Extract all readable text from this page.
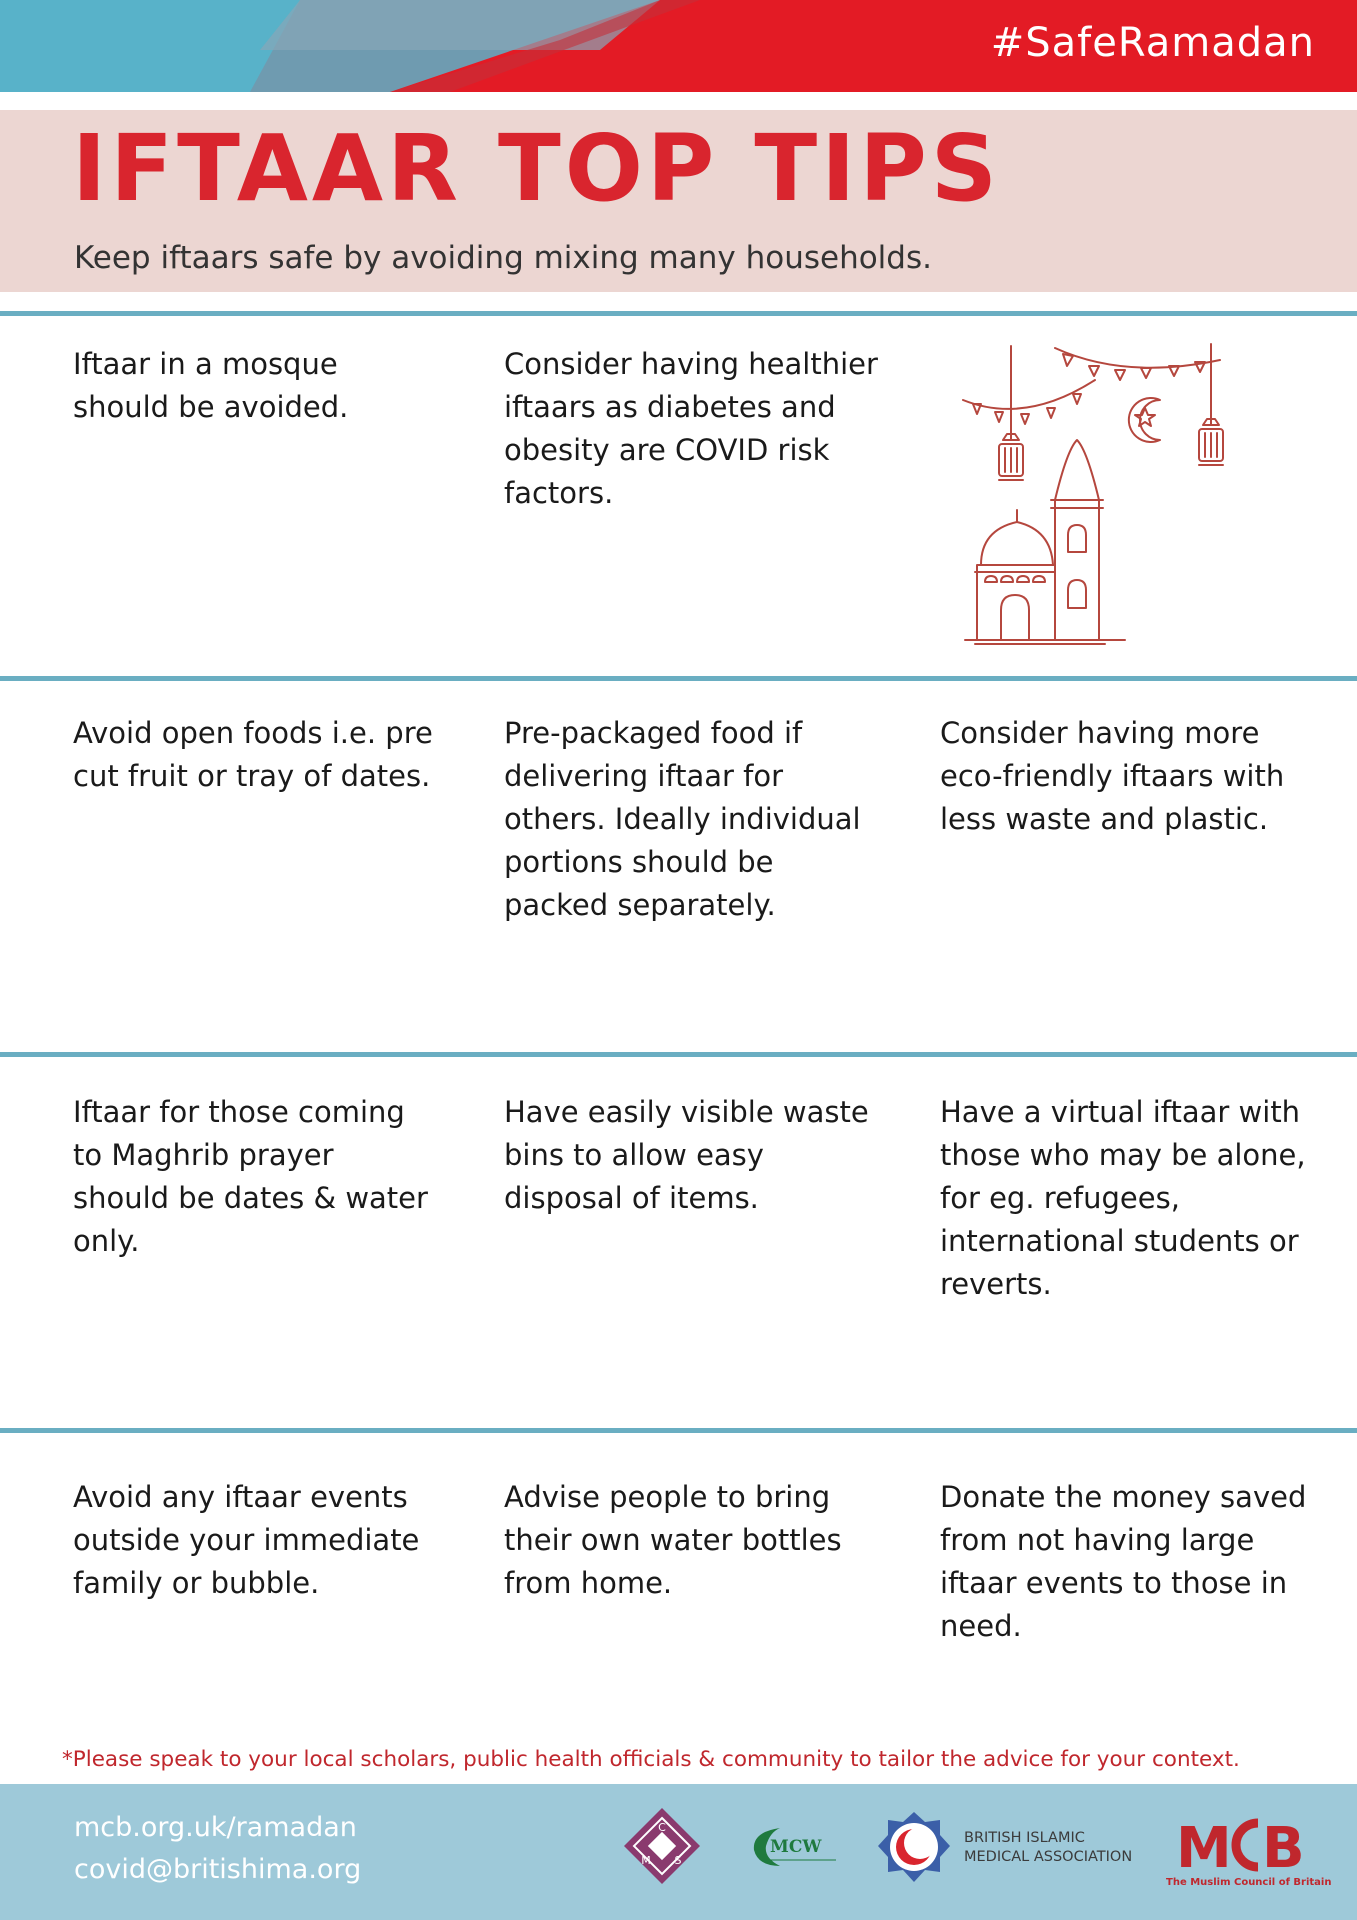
#SafeRamadan
IFTAAR TOP TIPS

Keep iftaars safe by avoiding mixing many households.

Iftaar in a mosque should be avoided.

Consider having healthier iftaars as diabetes and obesity are COVID risk factors.

Avoid open foods i.e. pre cut fruit or tray of dates.

Pre-packaged food if delivering iftaar for others. Ideally individual portions should be packed separately.

Consider having more eco-friendly iftaars with less waste and plastic.

Iftaar for those coming to Maghrib prayer should be dates & water only.

Have easily visible waste bins to allow easy disposal of items.

Have a virtual iftaar with those who may be alone, for eg. refugees, international students or reverts.

Avoid any iftaar events outside your immediate family or bubble.

Advise people to bring their own water bottles from home.

Donate the money saved from not having large iftaar events to those in need.

*Please speak to your local scholars, public health officials & community to tailor the advice for your context.

mcb.org.uk/ramadan

covid@britishima.org

C
M S
MCW	BRITISH ISLAMIC
MEDICAL ASSOCIATION M B
The Muslim Council of Britain
